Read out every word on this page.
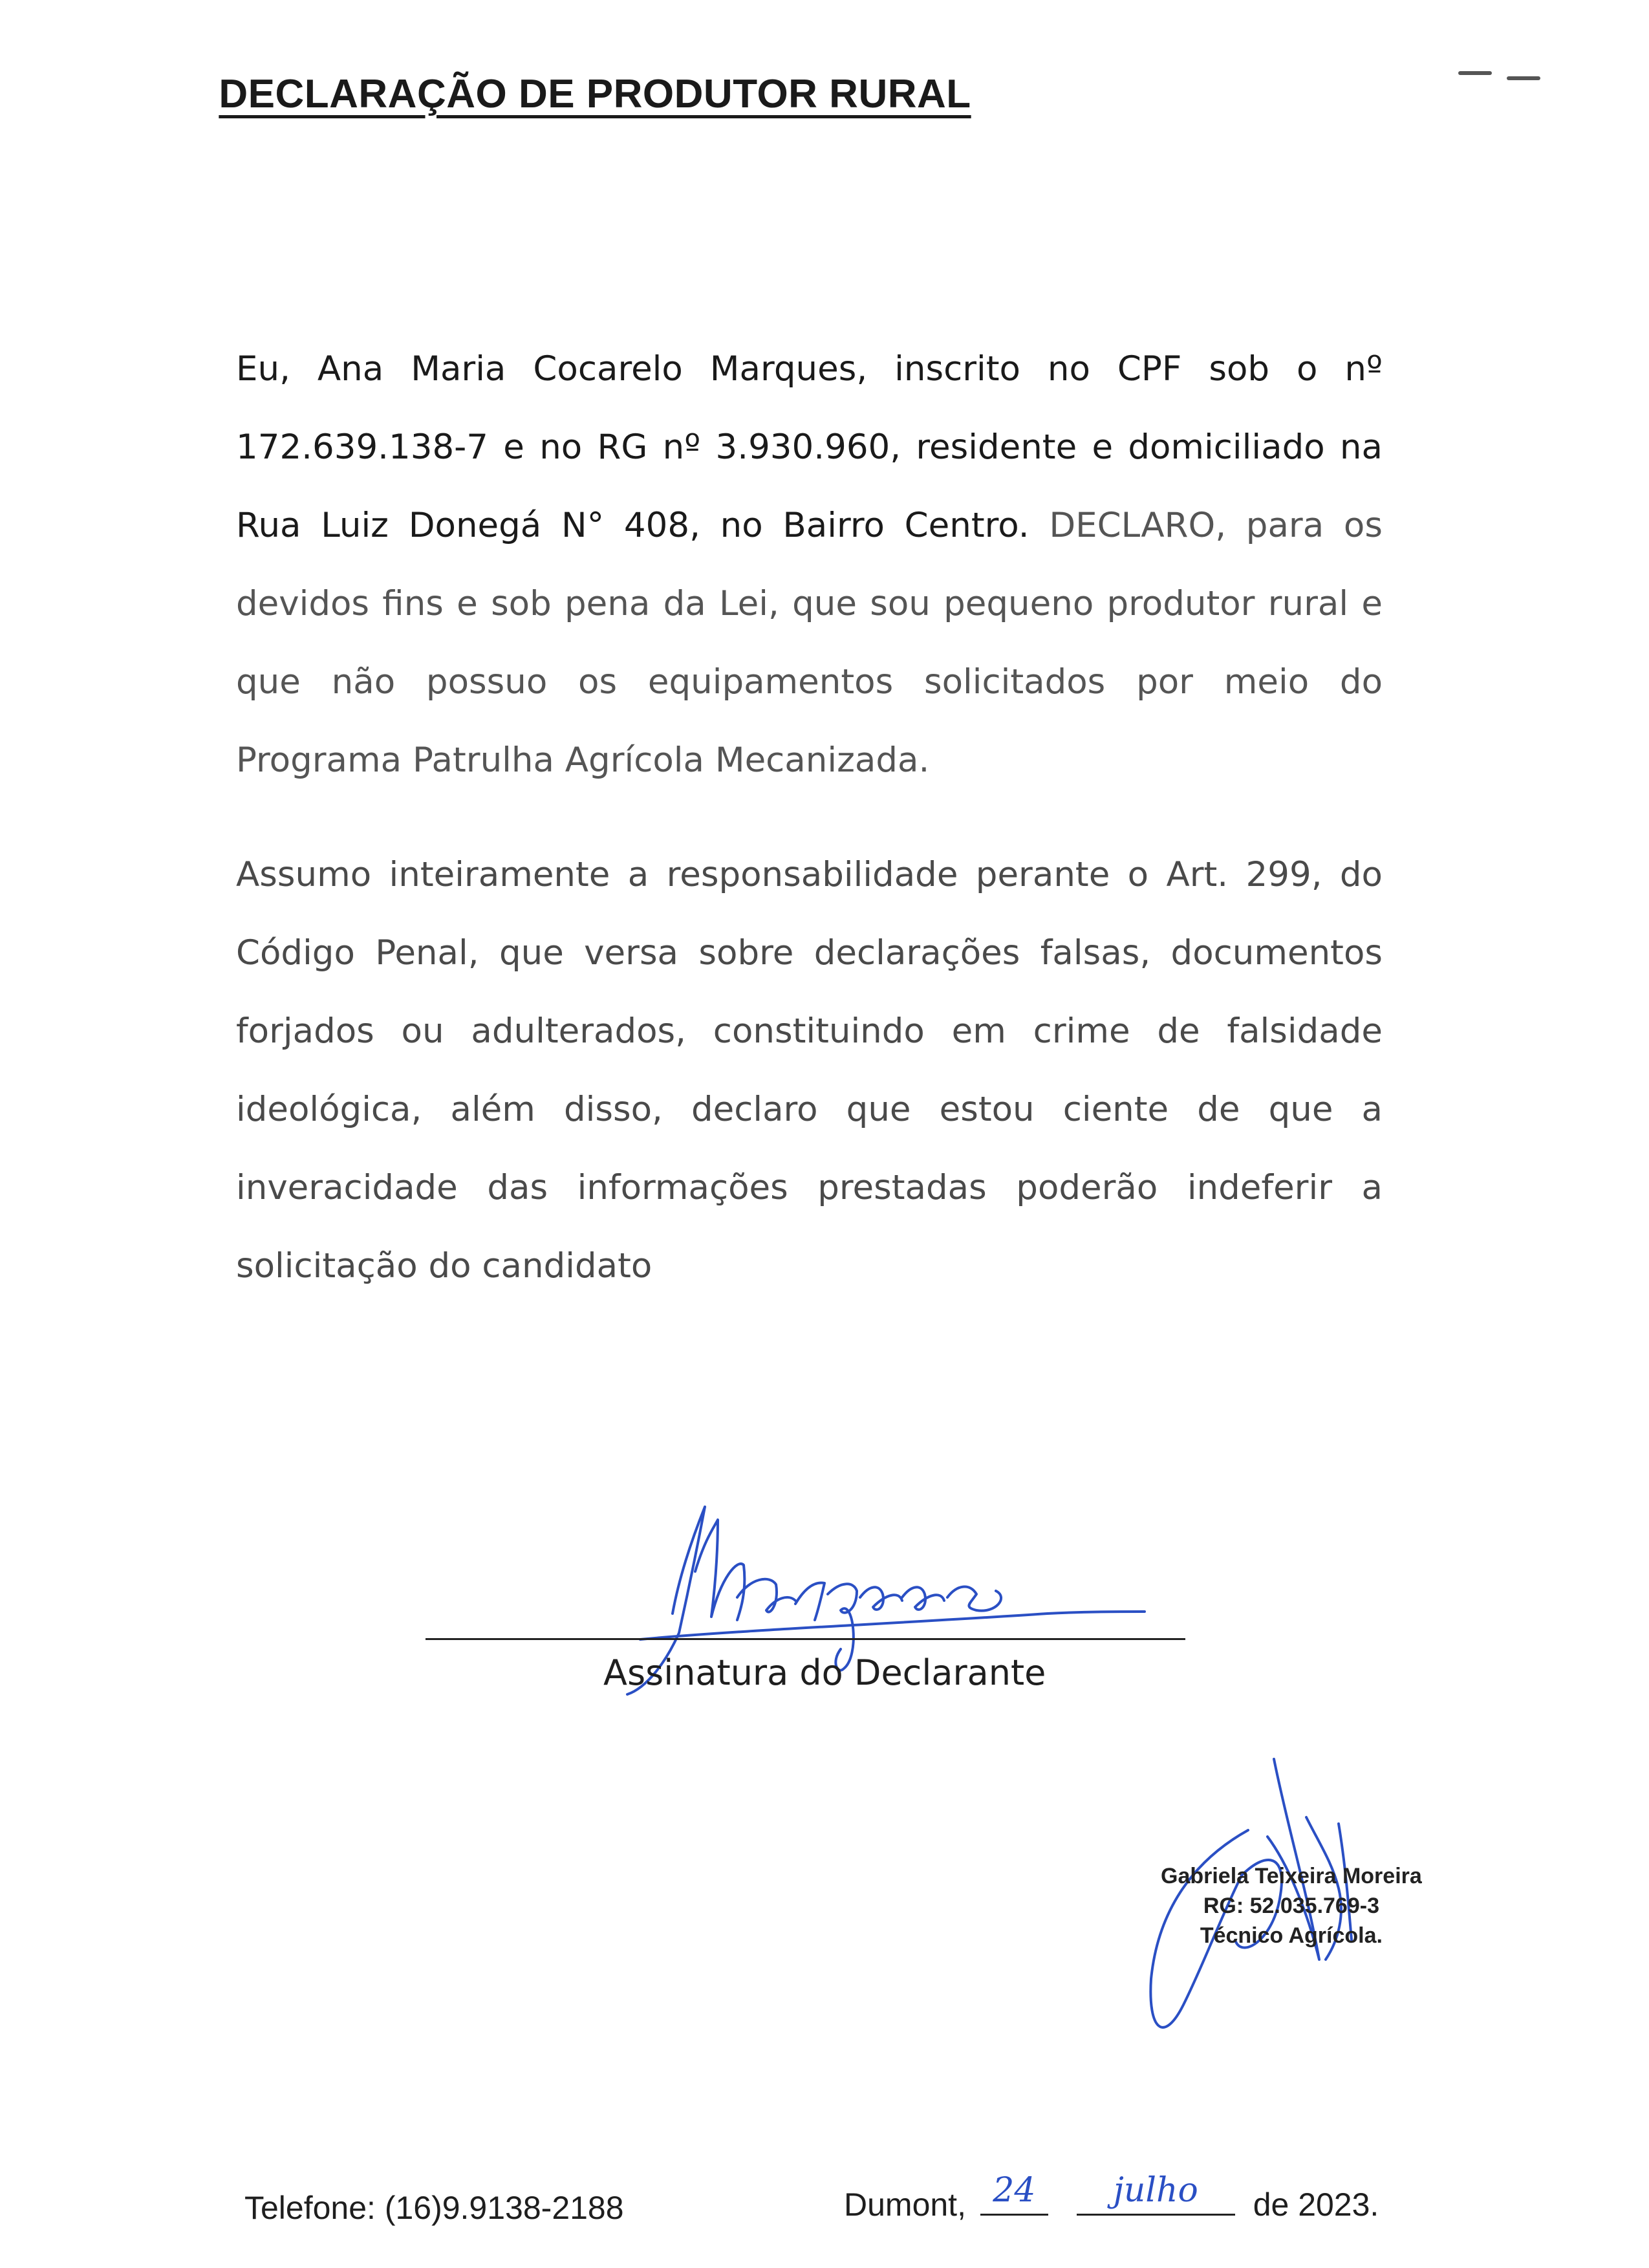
DECLARAÇÃO DE PRODUTOR RURAL
Eu, Ana Maria Cocarelo Marques, inscrito no CPF sob o nº 172.639.138-7 e no RG nº 3.930.960, residente e domiciliado na Rua Luiz Donegá N° 408, no Bairro Centro. DECLARO, para os devidos fins e sob pena da Lei, que sou pequeno produtor rural e que não possuo os equipamentos solicitados por meio do Programa Patrulha Agrícola Mecanizada.
Assumo inteiramente a responsabilidade perante o Art. 299, do Código Penal, que versa sobre declarações falsas, documentos forjados ou adulterados, constituindo em crime de falsidade ideológica, além disso, declaro que estou ciente de que a inveracidade das informações prestadas poderão indeferir a solicitação do candidato
Assinatura do Declarante
Gabriela Teixeira Moreira
RG: 52.035.769-3
Técnico Agrícola.
Telefone: (16)9.9138-2188	Dumont, 24
	julho	de 2023.
